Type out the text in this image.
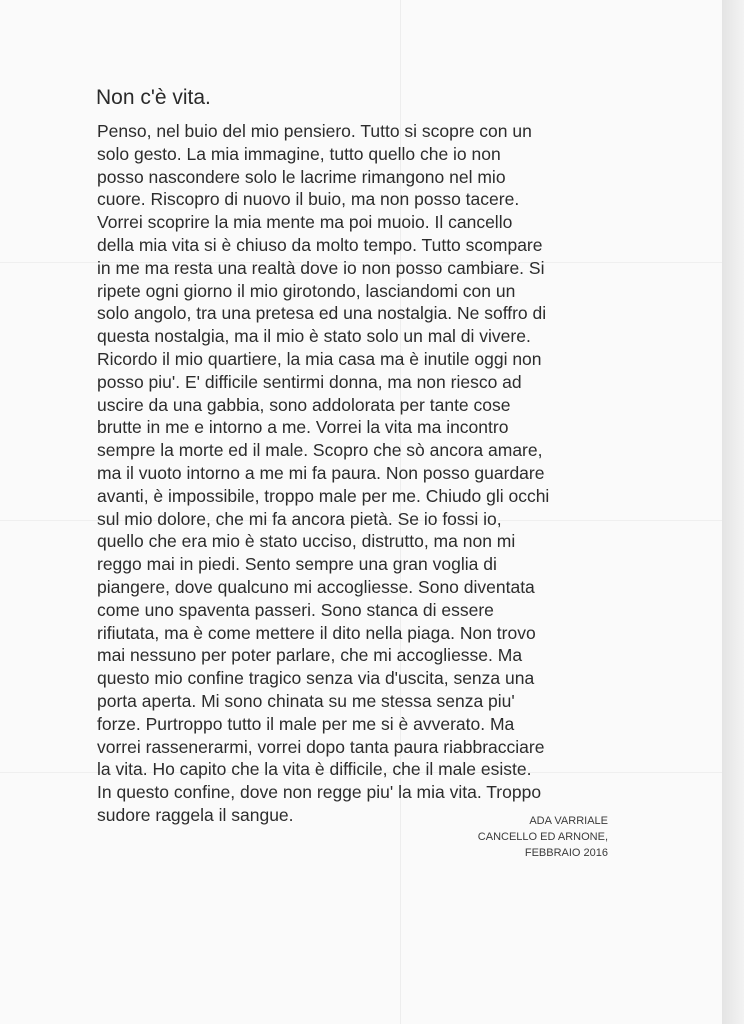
Non c'è vita.
Penso, nel buio del mio pensiero. Tutto si scopre con un
solo gesto. La mia immagine, tutto quello che io non
posso nascondere solo le lacrime rimangono nel mio
cuore. Riscopro di nuovo il buio, ma non posso tacere.
Vorrei scoprire la mia mente ma poi muoio. Il cancello
della mia vita si è chiuso da molto tempo. Tutto scompare
in me ma resta una realtà dove io non posso cambiare. Si
ripete ogni giorno il mio girotondo, lasciandomi con un
solo angolo, tra una pretesa ed una nostalgia. Ne soffro di
questa nostalgia, ma il mio è stato solo un mal di vivere.
Ricordo il mio quartiere, la mia casa ma è inutile oggi non
posso piu'. E' difficile sentirmi donna, ma non riesco ad
uscire da una gabbia, sono addolorata per tante cose
brutte in me e intorno a me. Vorrei la vita ma incontro
sempre la morte ed il male. Scopro che sò ancora amare,
ma il vuoto intorno a me mi fa paura. Non posso guardare
avanti, è impossibile, troppo male per me. Chiudo gli occhi
sul mio dolore, che mi fa ancora pietà. Se io fossi io,
quello che era mio è stato ucciso, distrutto, ma non mi
reggo mai in piedi. Sento sempre una gran voglia di
piangere, dove qualcuno mi accogliesse. Sono diventata
come uno spaventa passeri. Sono stanca di essere
rifiutata, ma è come mettere il dito nella piaga. Non trovo
mai nessuno per poter parlare, che mi accogliesse. Ma
questo mio confine tragico senza via d'uscita, senza una
porta aperta. Mi sono chinata su me stessa senza piu'
forze. Purtroppo tutto il male per me si è avverato. Ma
vorrei rassenerarmi, vorrei dopo tanta paura riabbracciare
la vita. Ho capito che la vita è difficile, che il male esiste.
In questo confine, dove non regge piu' la mia vita. Troppo
sudore raggela il sangue.	ADA VARRIALE
CANCELLO ED ARNONE,
FEBBRAIO 2016
